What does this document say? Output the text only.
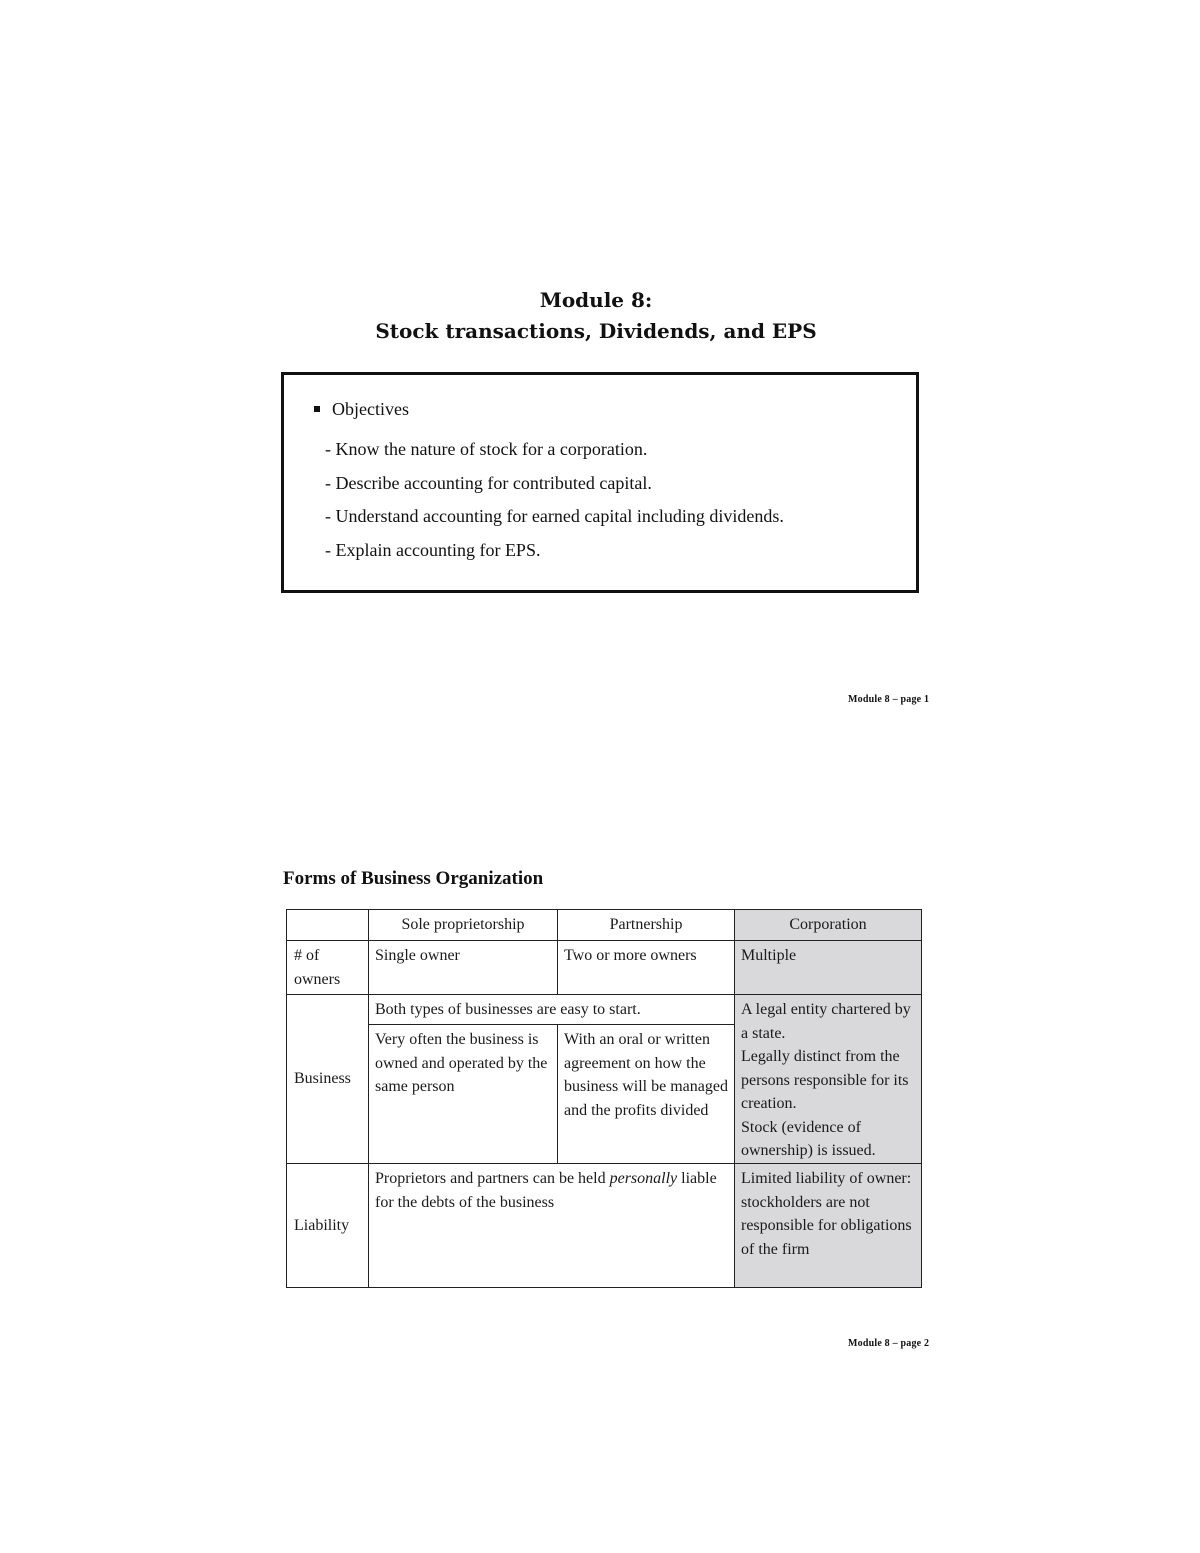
Module 8:
Stock transactions, Dividends, and EPS
Objectives
- Know the nature of stock for a corporation.
- Describe accounting for contributed capital.
- Understand accounting for earned capital including dividends.
- Explain accounting for EPS.
Module 8 – page 1
Forms of Business Organization
	Sole proprietorship	Partnership	Corporation
# of owners	Single owner	Two or more owners	Multiple
Business	Both types of businesses are easy to start.		A legal entity chartered by a state.
Legally distinct from the persons responsible for its creation.
Stock (evidence of ownership) is issued.

	Very often the business is owned and operated by the same person	With an oral or written agreement on how the business will be managed and the profits divided	
Liability	Proprietors and partners can be held personally liable for the debts of the business		Limited liability of owner:
stockholders are not responsible for obligations of the firm
Module 8 – page 2
